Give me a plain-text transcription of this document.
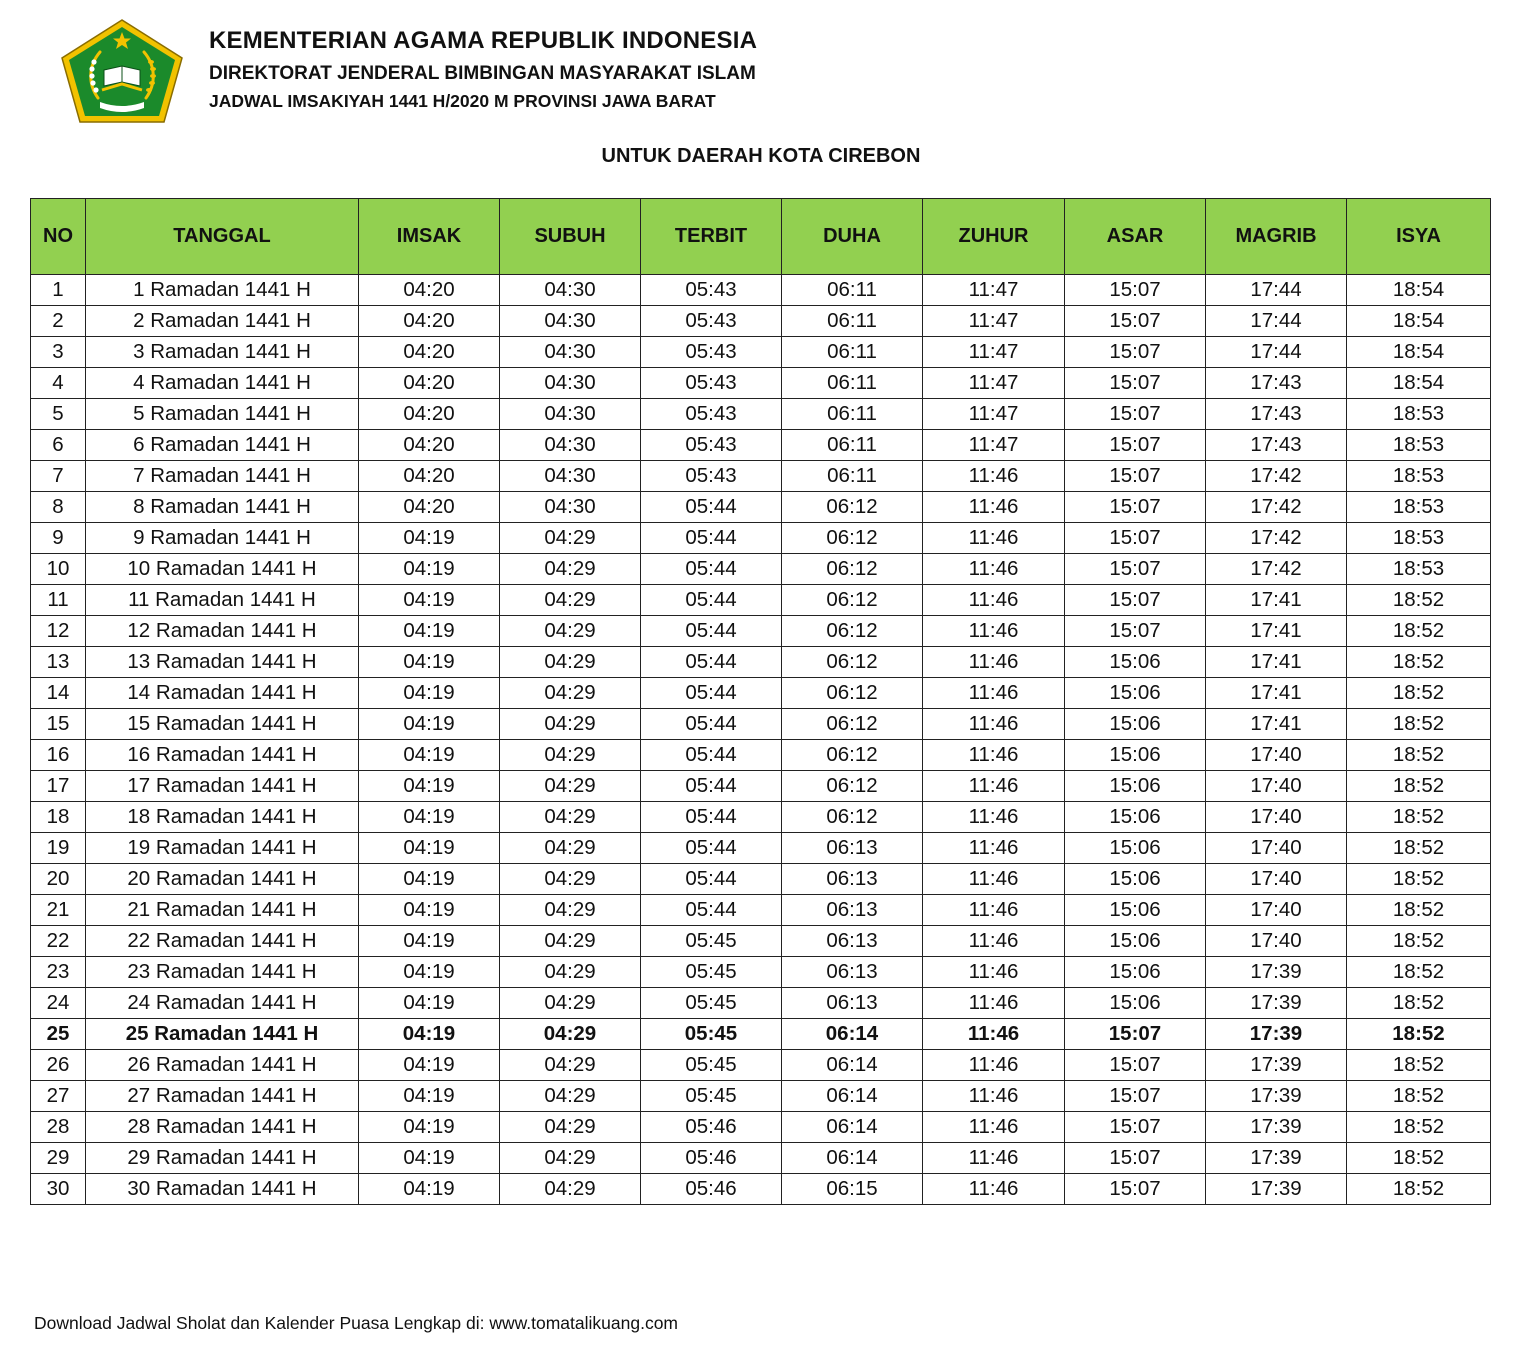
KEMENTERIAN AGAMA REPUBLIK INDONESIA

DIREKTORAT JENDERAL BIMBINGAN MASYARAKAT ISLAM

JADWAL IMSAKIYAH 1441 H/2020 M PROVINSI JAWA BARAT

UNTUK DAERAH KOTA CIREBON

NO	TANGGAL	IMSAK	SUBUH	TERBIT	DUHA	ZUHUR	ASAR	MAGRIB	ISYA
1	1 Ramadan 1441 H	04:20	04:30	05:43	06:11	11:47	15:07	17:44	18:54
2	2 Ramadan 1441 H	04:20	04:30	05:43	06:11	11:47	15:07	17:44	18:54
3	3 Ramadan 1441 H	04:20	04:30	05:43	06:11	11:47	15:07	17:44	18:54
4	4 Ramadan 1441 H	04:20	04:30	05:43	06:11	11:47	15:07	17:43	18:54
5	5 Ramadan 1441 H	04:20	04:30	05:43	06:11	11:47	15:07	17:43	18:53
6	6 Ramadan 1441 H	04:20	04:30	05:43	06:11	11:47	15:07	17:43	18:53
7	7 Ramadan 1441 H	04:20	04:30	05:43	06:11	11:46	15:07	17:42	18:53
8	8 Ramadan 1441 H	04:20	04:30	05:44	06:12	11:46	15:07	17:42	18:53
9	9 Ramadan 1441 H	04:19	04:29	05:44	06:12	11:46	15:07	17:42	18:53
10	10 Ramadan 1441 H	04:19	04:29	05:44	06:12	11:46	15:07	17:42	18:53
11	11 Ramadan 1441 H	04:19	04:29	05:44	06:12	11:46	15:07	17:41	18:52
12	12 Ramadan 1441 H	04:19	04:29	05:44	06:12	11:46	15:07	17:41	18:52
13	13 Ramadan 1441 H	04:19	04:29	05:44	06:12	11:46	15:06	17:41	18:52
14	14 Ramadan 1441 H	04:19	04:29	05:44	06:12	11:46	15:06	17:41	18:52
15	15 Ramadan 1441 H	04:19	04:29	05:44	06:12	11:46	15:06	17:41	18:52
16	16 Ramadan 1441 H	04:19	04:29	05:44	06:12	11:46	15:06	17:40	18:52
17	17 Ramadan 1441 H	04:19	04:29	05:44	06:12	11:46	15:06	17:40	18:52
18	18 Ramadan 1441 H	04:19	04:29	05:44	06:12	11:46	15:06	17:40	18:52
19	19 Ramadan 1441 H	04:19	04:29	05:44	06:13	11:46	15:06	17:40	18:52
20	20 Ramadan 1441 H	04:19	04:29	05:44	06:13	11:46	15:06	17:40	18:52
21	21 Ramadan 1441 H	04:19	04:29	05:44	06:13	11:46	15:06	17:40	18:52
22	22 Ramadan 1441 H	04:19	04:29	05:45	06:13	11:46	15:06	17:40	18:52
23	23 Ramadan 1441 H	04:19	04:29	05:45	06:13	11:46	15:06	17:39	18:52
24	24 Ramadan 1441 H	04:19	04:29	05:45	06:13	11:46	15:06	17:39	18:52
25	25 Ramadan 1441 H	04:19	04:29	05:45	06:14	11:46	15:07	17:39	18:52
26	26 Ramadan 1441 H	04:19	04:29	05:45	06:14	11:46	15:07	17:39	18:52
27	27 Ramadan 1441 H	04:19	04:29	05:45	06:14	11:46	15:07	17:39	18:52
28	28 Ramadan 1441 H	04:19	04:29	05:46	06:14	11:46	15:07	17:39	18:52
29	29 Ramadan 1441 H	04:19	04:29	05:46	06:14	11:46	15:07	17:39	18:52
30	30 Ramadan 1441 H	04:19	04:29	05:46	06:15	11:46	15:07	17:39	18:52

Download Jadwal Sholat dan Kalender Puasa Lengkap di: www.tomatalikuang.com
